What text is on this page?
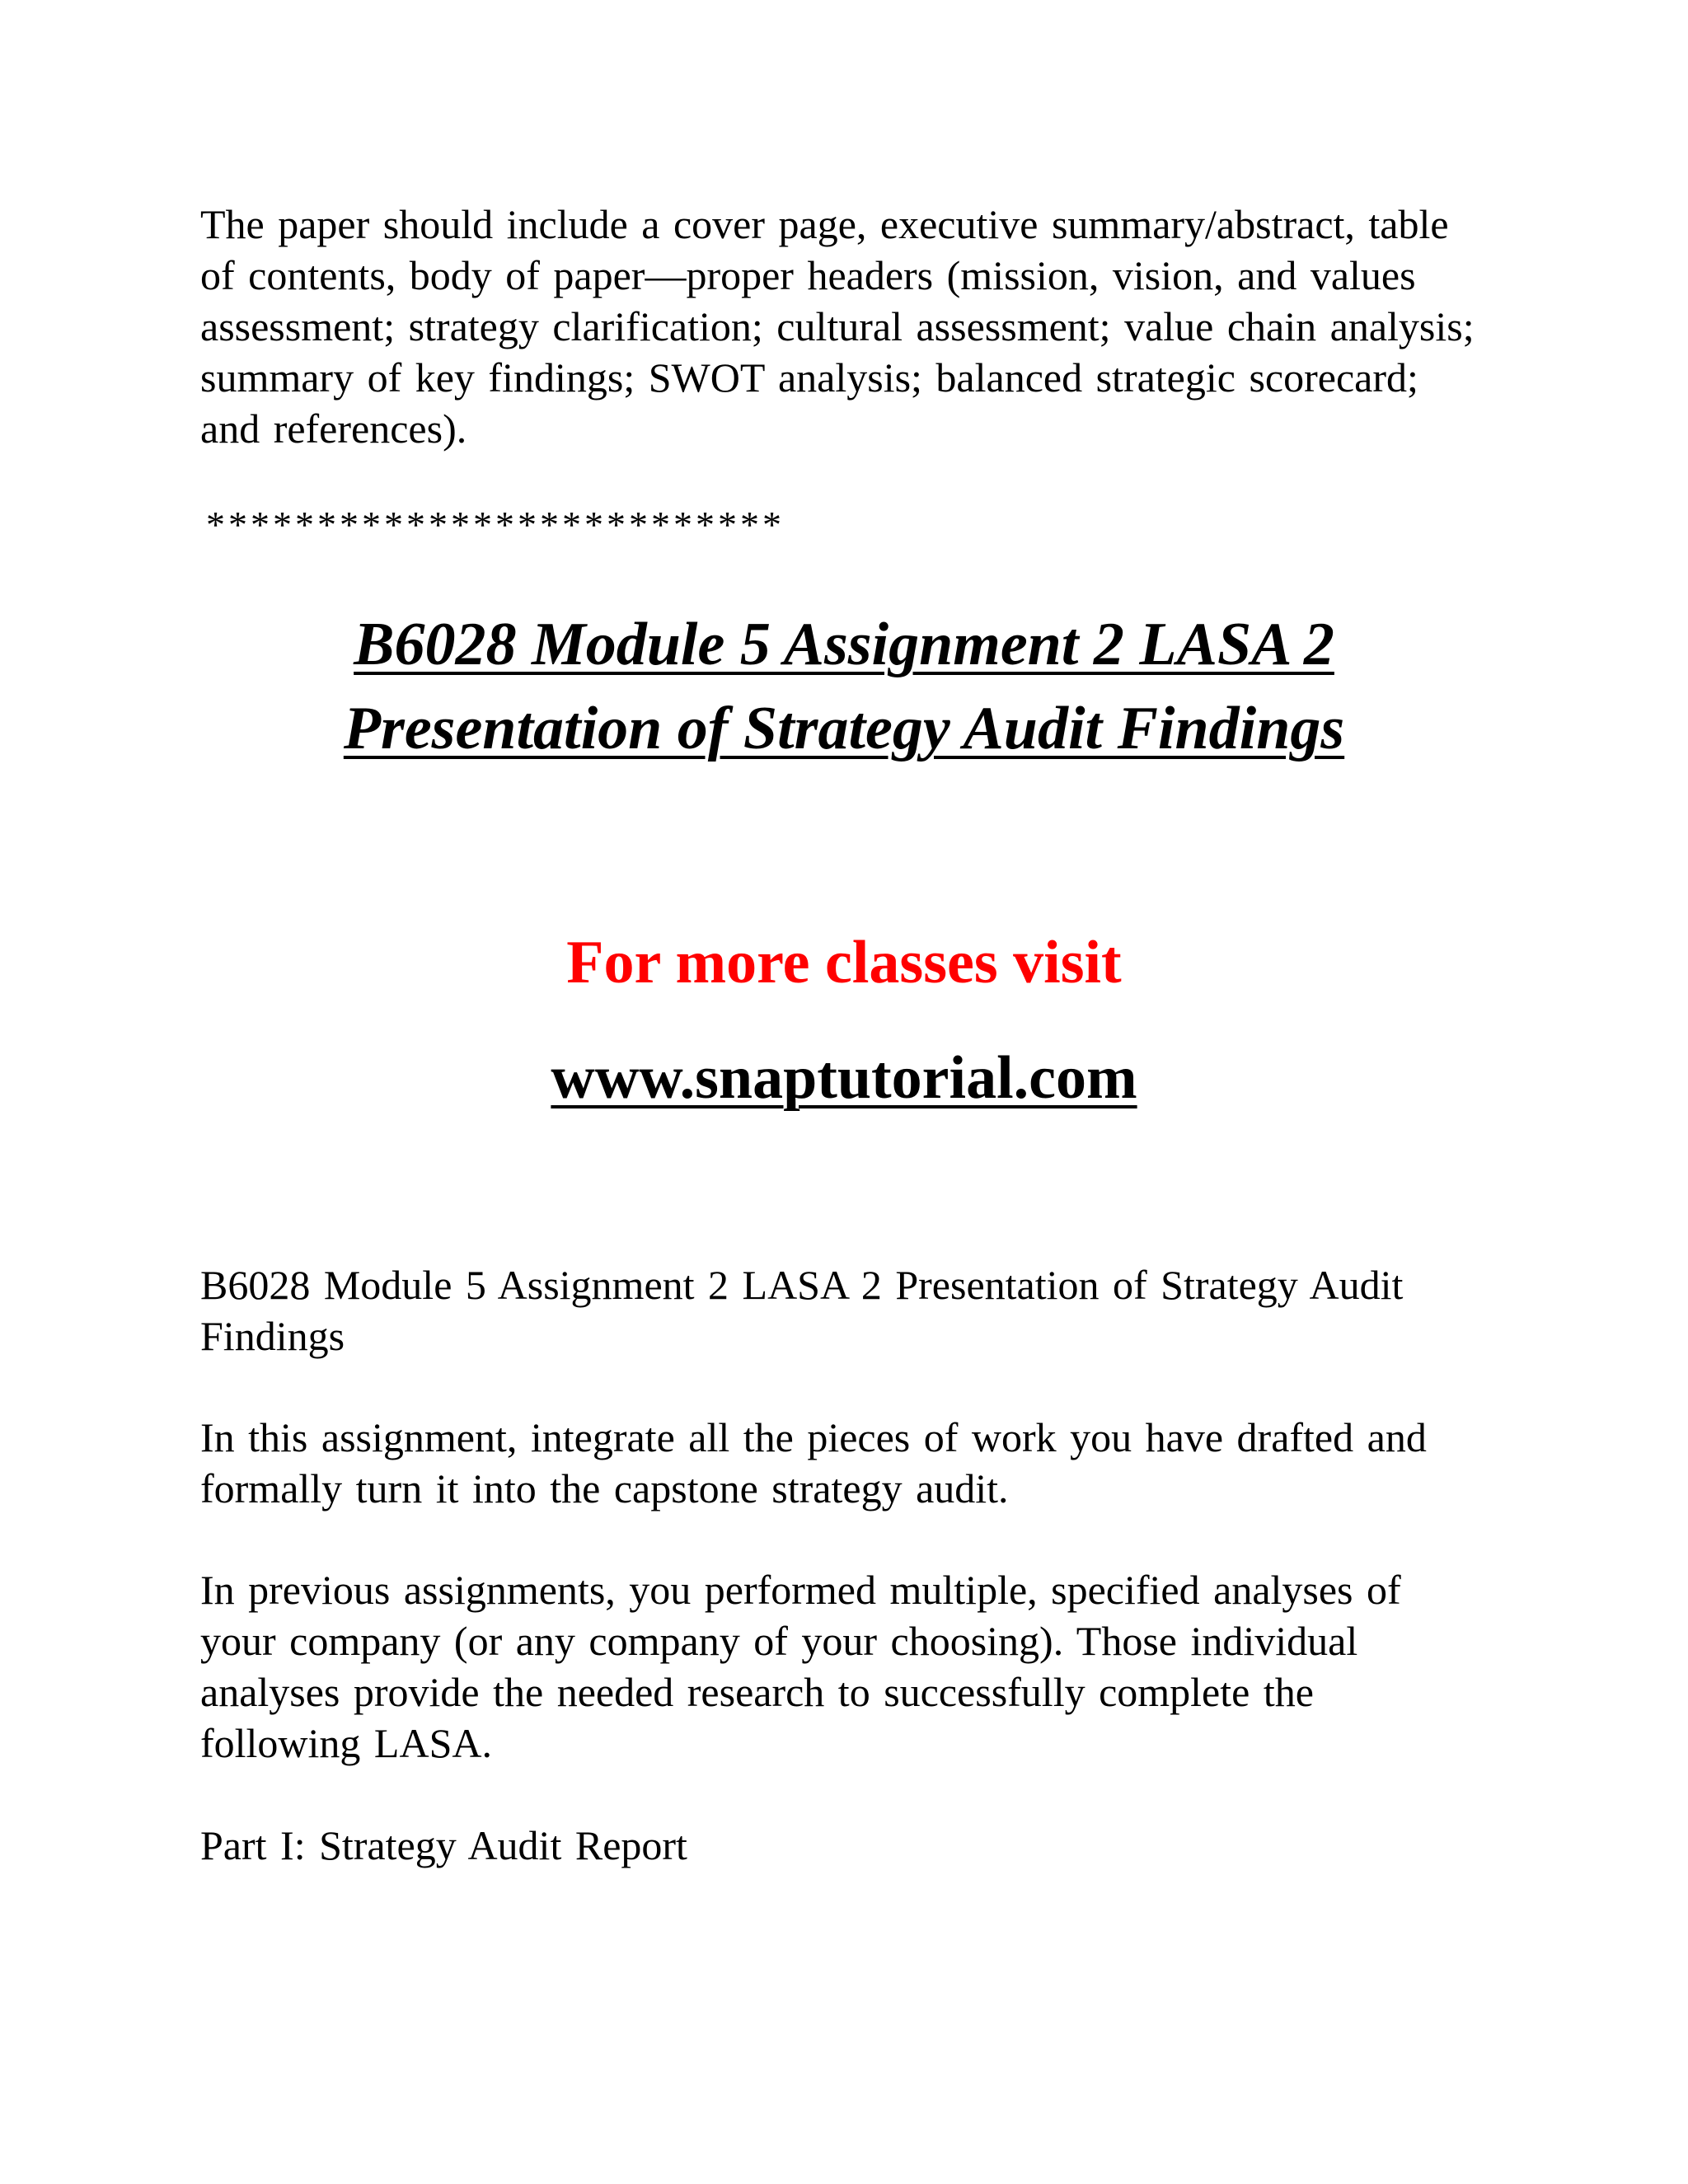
The paper should include a cover page, executive summary/abstract, table of contents, body of paper—proper headers (mission, vision, and values assessment; strategy clarification; cultural assessment; value chain analysis; summary of key findings; SWOT analysis; balanced strategic scorecard; and references).

**************************
B6028 Module 5 Assignment 2 LASA 2
Presentation of Strategy Audit Findings
For more classes visit
www.snaptutorial.com

B6028 Module 5 Assignment 2 LASA 2 Presentation of Strategy Audit Findings

In this assignment, integrate all the pieces of work you have drafted and formally turn it into the capstone strategy audit.

In previous assignments, you performed multiple, specified analyses of your company (or any company of your choosing). Those individual analyses provide the needed research to successfully complete the following LASA.

Part I: Strategy Audit Report
